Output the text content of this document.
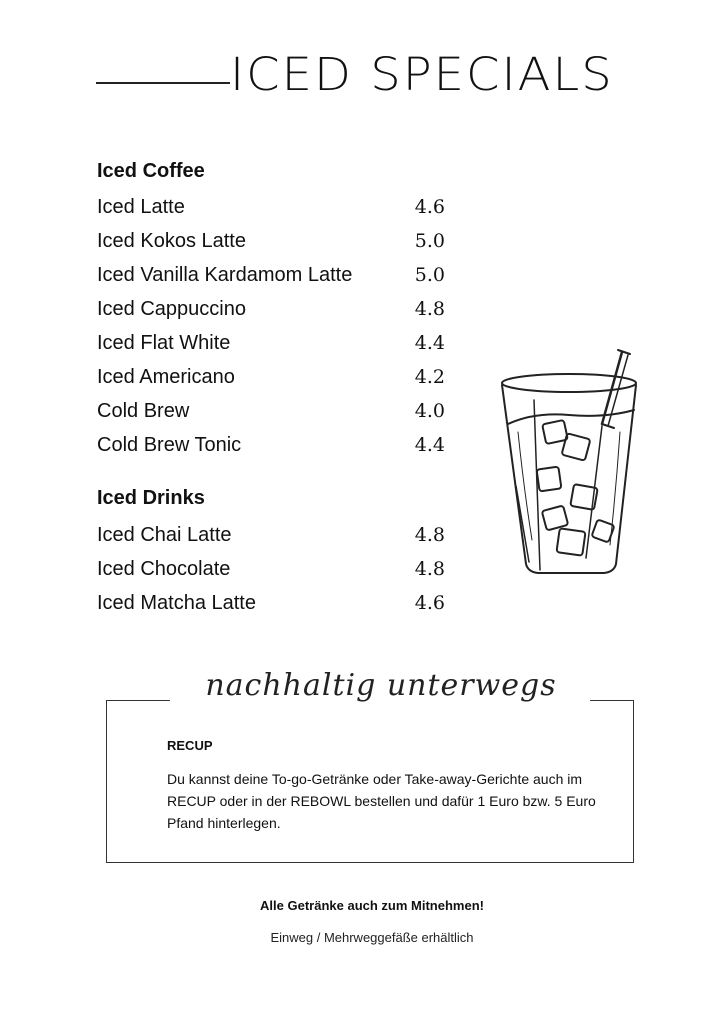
ICED SPECIALS
Iced Coffee
Iced Latte	4.6
Iced Kokos Latte	5.0
Iced Vanilla Kardamom Latte	5.0
Iced Cappuccino	4.8
Iced Flat White	4.4
Iced Americano	4.2
Cold Brew	4.0
Cold Brew Tonic	4.4
Iced Drinks
Iced Chai Latte	4.8
Iced Chocolate	4.8
Iced Matcha Latte	4.6
nachhaltig unterwegs
RECUP
Du kannst deine To-go-Getränke oder Take-away-Gerichte auch im RECUP oder in der REBOWL bestellen und dafür 1 Euro bzw. 5 Euro Pfand hinterlegen.
Alle Getränke auch zum Mitnehmen!
Einweg / Mehrweggefäße erhältlich
